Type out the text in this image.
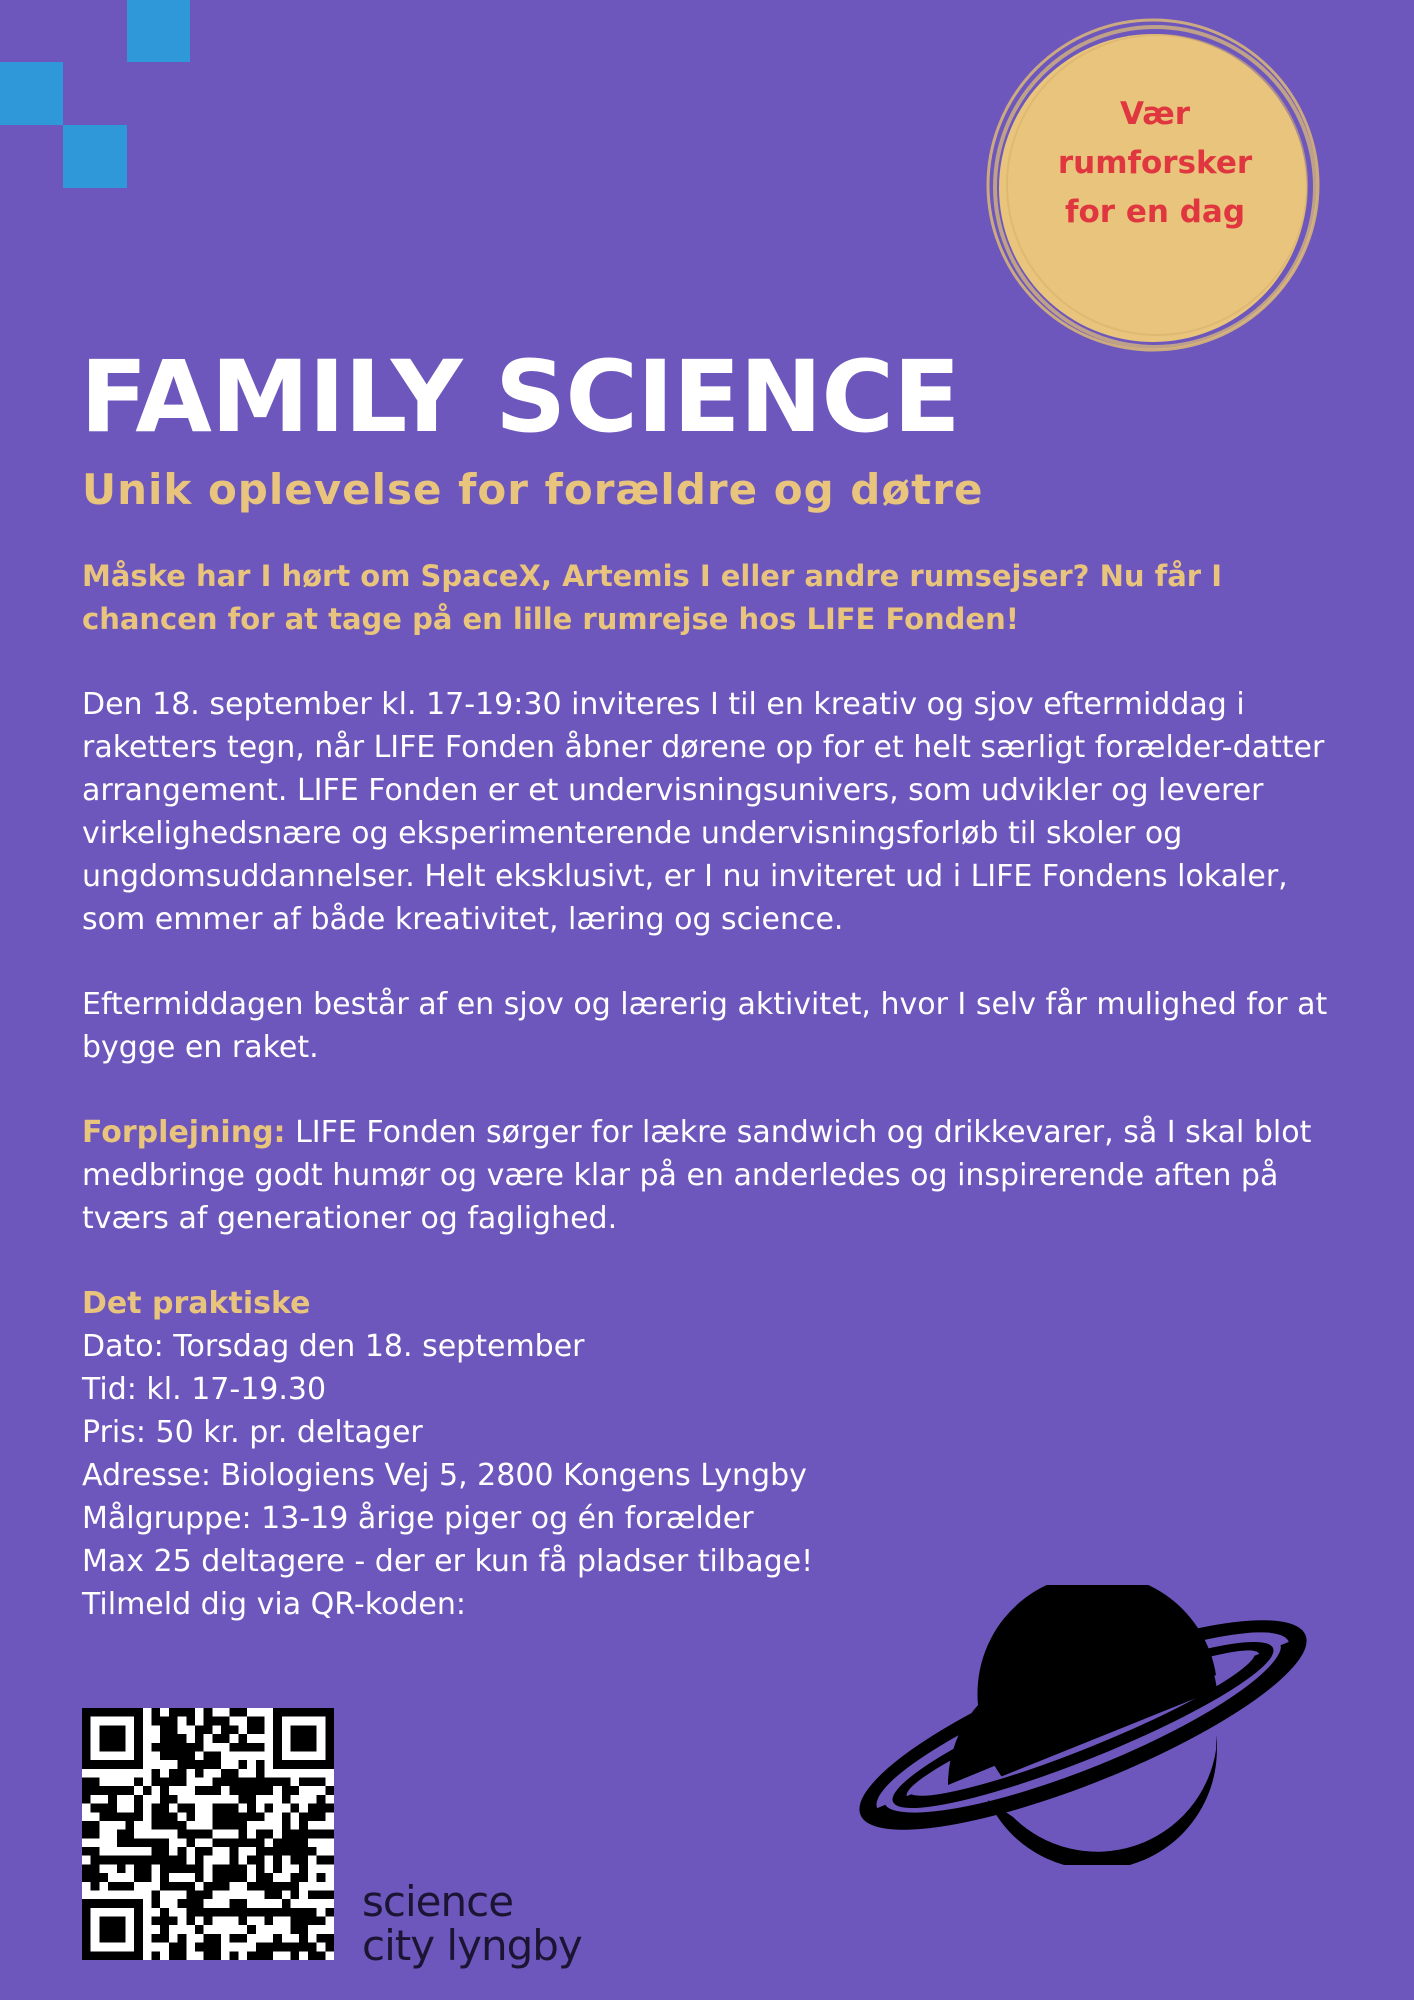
Vær
rumforsker
for en dag
FAMILY SCIENCE
Unik oplevelse for forældre og døtre

Måske har I hørt om SpaceX, Artemis I eller andre rumsejser? Nu får I chancen for at tage på en lille rumrejse hos LIFE Fonden!

Den 18. september kl. 17-19:30 inviteres I til en kreativ og sjov eftermiddag i raketters tegn, når LIFE Fonden åbner dørene op for et helt særligt forælder-datter arrangement. LIFE Fonden er et undervisningsunivers, som udvikler og leverer virkelighedsnære og eksperimenterende undervisningsforløb til skoler og ungdomsuddannelser. Helt eksklusivt, er I nu inviteret ud i LIFE Fondens lokaler, som emmer af både kreativitet, læring og science.

Eftermiddagen består af en sjov og lærerig aktivitet, hvor I selv får mulighed for at bygge en raket.

Forplejning: LIFE Fonden sørger for lækre sandwich og drikkevarer, så I skal blot medbringe godt humør og være klar på en anderledes og inspirerende aften på tværs af generationer og faglighed.

Det praktiske
Dato: Torsdag den 18. september
Tid: kl. 17-19.30
Pris: 50 kr. pr. deltager
Adresse: Biologiens Vej 5, 2800 Kongens Lyngby
Målgruppe: 13-19 årige piger og én forælder
Max 25 deltagere - der er kun få pladser tilbage!
Tilmeld dig via QR-koden:
science
city lyngby
